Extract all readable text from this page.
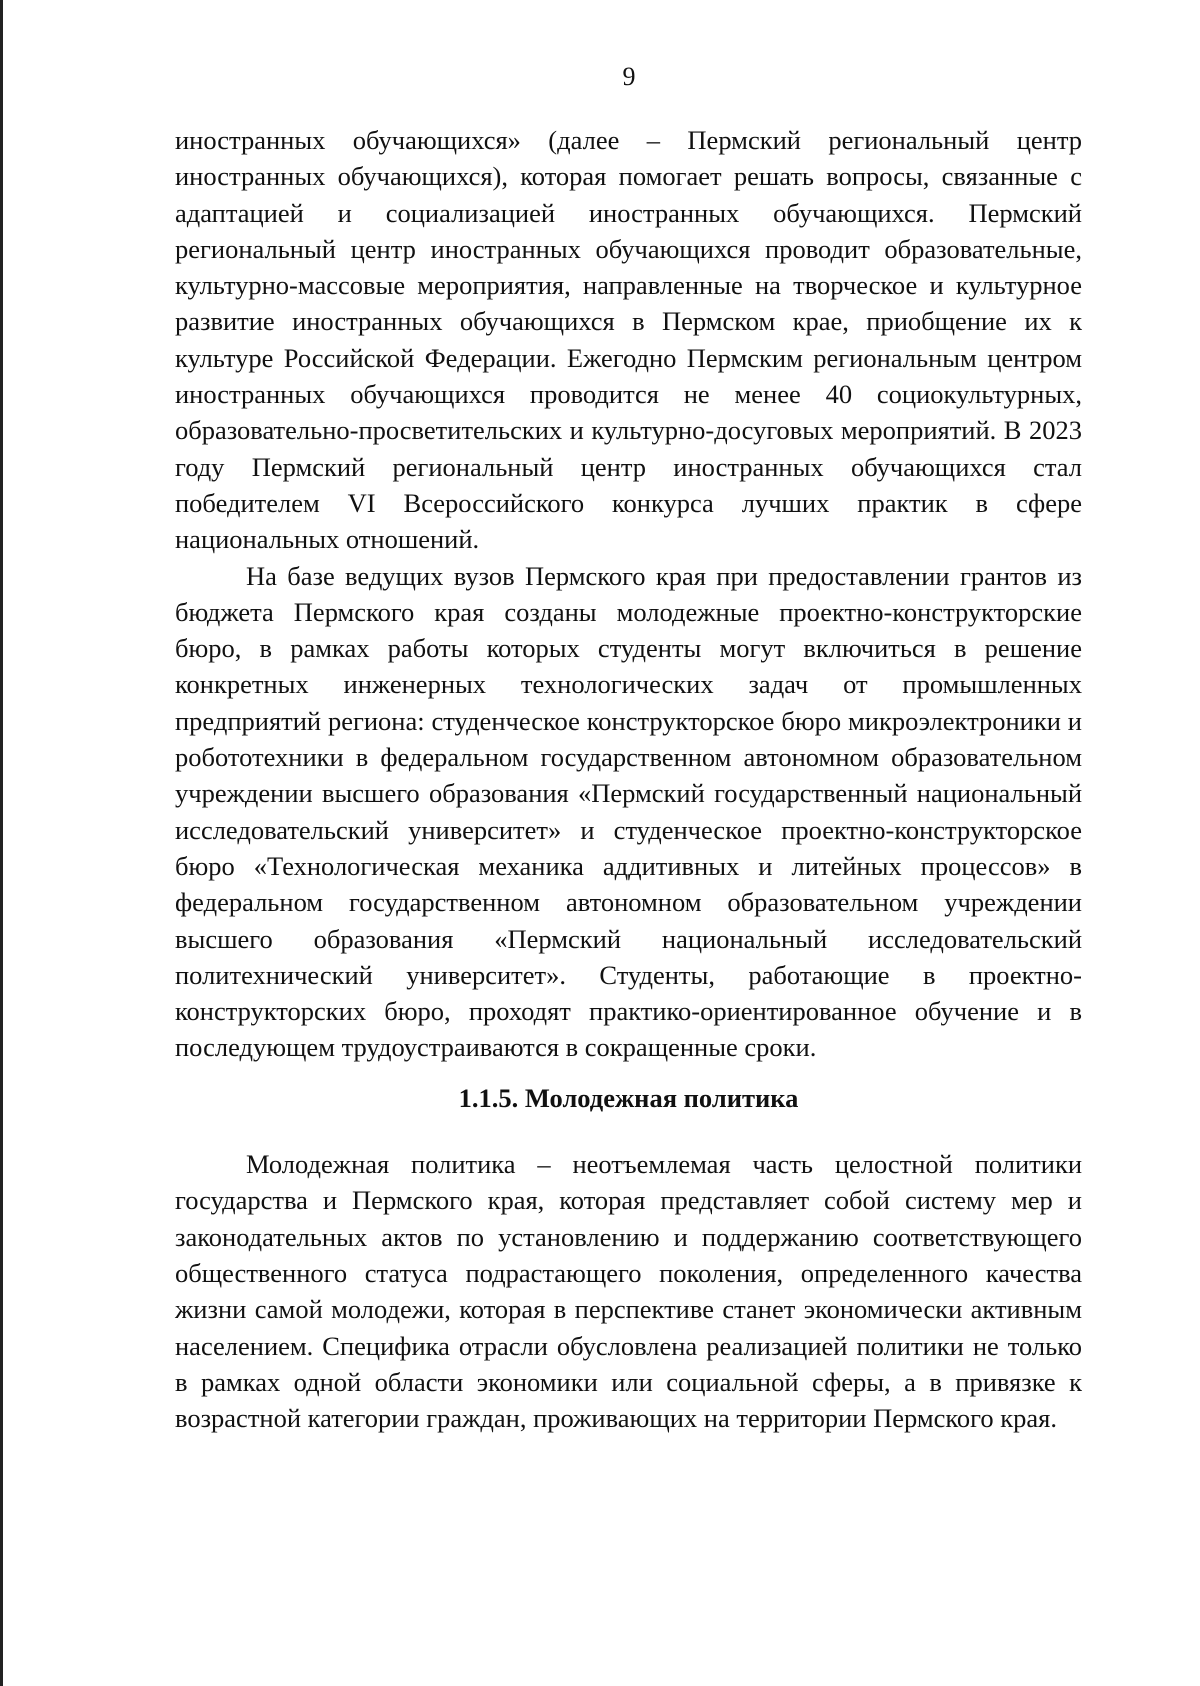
9

иностранных обучающихся» (далее – Пермский региональный центр иностранных обучающихся), которая помогает решать вопросы, связанные с адаптацией и социализацией иностранных обучающихся. Пермский региональный центр иностранных обучающихся проводит образовательные, культурно-массовые мероприятия, направленные на творческое и культурное развитие иностранных обучающихся в Пермском крае, приобщение их к культуре Российской Федерации. Ежегодно Пермским региональным центром иностранных обучающихся проводится не менее 40 социокультурных, образовательно-просветительских и культурно-досуговых мероприятий. В 2023 году Пермский региональный центр иностранных обучающихся стал победителем VI Всероссийского конкурса лучших практик в сфере национальных отношений.

На базе ведущих вузов Пермского края при предоставлении грантов из бюджета Пермского края созданы молодежные проектно-конструкторские бюро, в рамках работы которых студенты могут включиться в решение конкретных инженерных технологических задач от промышленных предприятий региона: студенческое конструкторское бюро микроэлектроники и робототехники в федеральном государственном автономном образовательном учреждении высшего образования «Пермский государственный национальный исследовательский университет» и студенческое проектно-конструкторское бюро «Технологическая механика аддитивных и литейных процессов» в федеральном государственном автономном образовательном учреждении высшего образования «Пермский национальный исследовательский политехнический университет». Студенты, работающие в проектно-конструкторских бюро, проходят практико-ориентированное обучение и в последующем трудоустраиваются в сокращенные сроки.

1.1.5. Молодежная политика

Молодежная политика – неотъемлемая часть целостной политики государства и Пермского края, которая представляет собой систему мер и законодательных актов по установлению и поддержанию соответствующего общественного статуса подрастающего поколения, определенного качества жизни самой молодежи, которая в перспективе станет экономически активным населением. Специфика отрасли обусловлена реализацией политики не только в рамках одной области экономики или социальной сферы, а в привязке к возрастной категории граждан, проживающих на территории Пермского края.
